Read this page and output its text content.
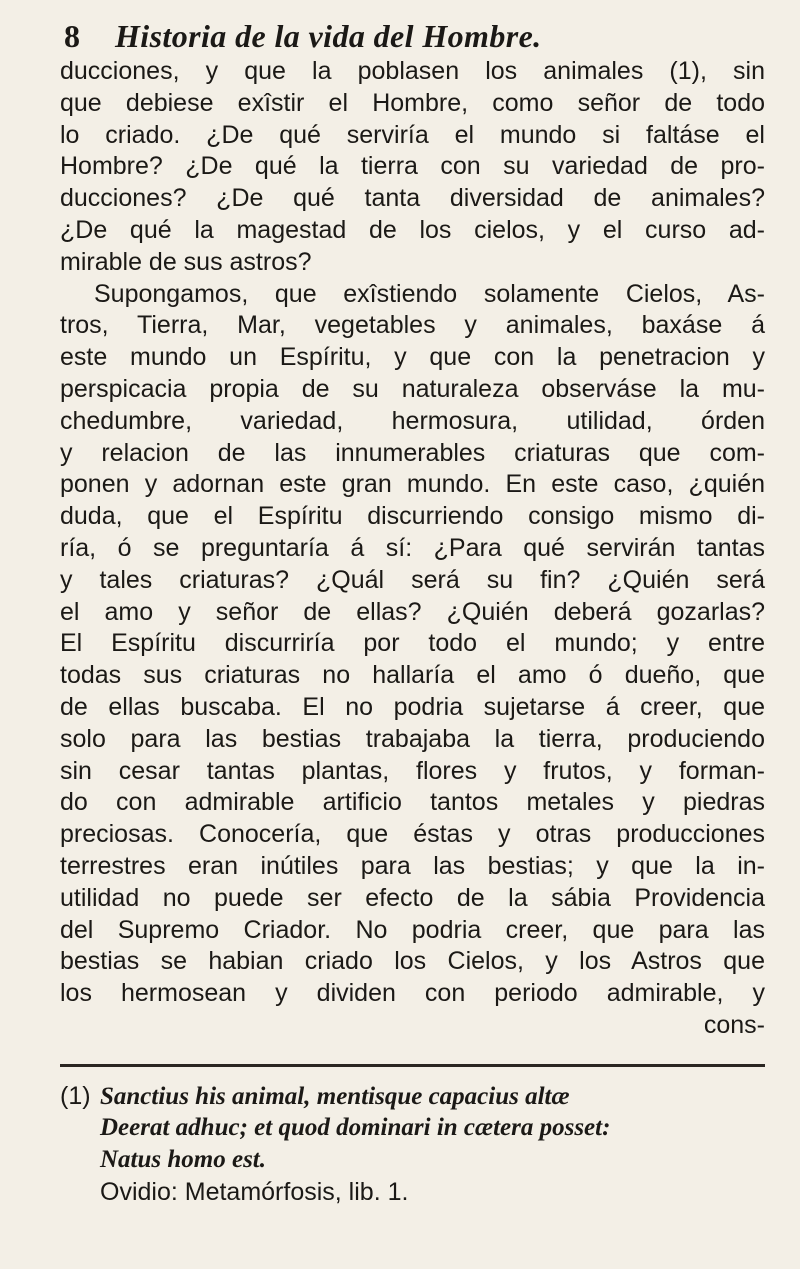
8 Historia de la vida del Hombre.
ducciones, y que la poblasen los animales (1), sin
que debiese exîstir el Hombre, como señor de todo
lo criado. ¿De qué serviría el mundo si faltáse el
Hombre? ¿De qué la tierra con su variedad de pro-
ducciones? ¿De qué tanta diversidad de animales?
¿De qué la magestad de los cielos, y el curso ad-
mirable de sus astros?
Supongamos, que exîstiendo solamente Cielos, As-
tros, Tierra, Mar, vegetables y animales, baxáse á
este mundo un Espíritu, y que con la penetracion y
perspicacia propia de su naturaleza observáse la mu-
chedumbre, variedad, hermosura, utilidad, órden
y relacion de las innumerables criaturas que com-
ponen y adornan este gran mundo. En este caso, ¿quién
duda, que el Espíritu discurriendo consigo mismo di-
ría, ó se preguntaría á sí: ¿Para qué servirán tantas
y tales criaturas? ¿Quál será su fin? ¿Quién será
el amo y señor de ellas? ¿Quién deberá gozarlas?
El Espíritu discurriría por todo el mundo; y entre
todas sus criaturas no hallaría el amo ó dueño, que
de ellas buscaba. El no podria sujetarse á creer, que
solo para las bestias trabajaba la tierra, produciendo
sin cesar tantas plantas, flores y frutos, y forman-
do con admirable artificio tantos metales y piedras
preciosas. Conocería, que éstas y otras producciones
terrestres eran inútiles para las bestias; y que la in-
utilidad no puede ser efecto de la sábia Providencia
del Supremo Criador. No podria creer, que para las
bestias se habian criado los Cielos, y los Astros que
los hermosean y dividen con periodo admirable, y
cons-
(1) Sanctius his animal, mentisque capacius altæ
Deerat adhuc; et quod dominari in cætera posset:
Natus homo est.
Ovidio: Metamórfosis, lib. 1.
